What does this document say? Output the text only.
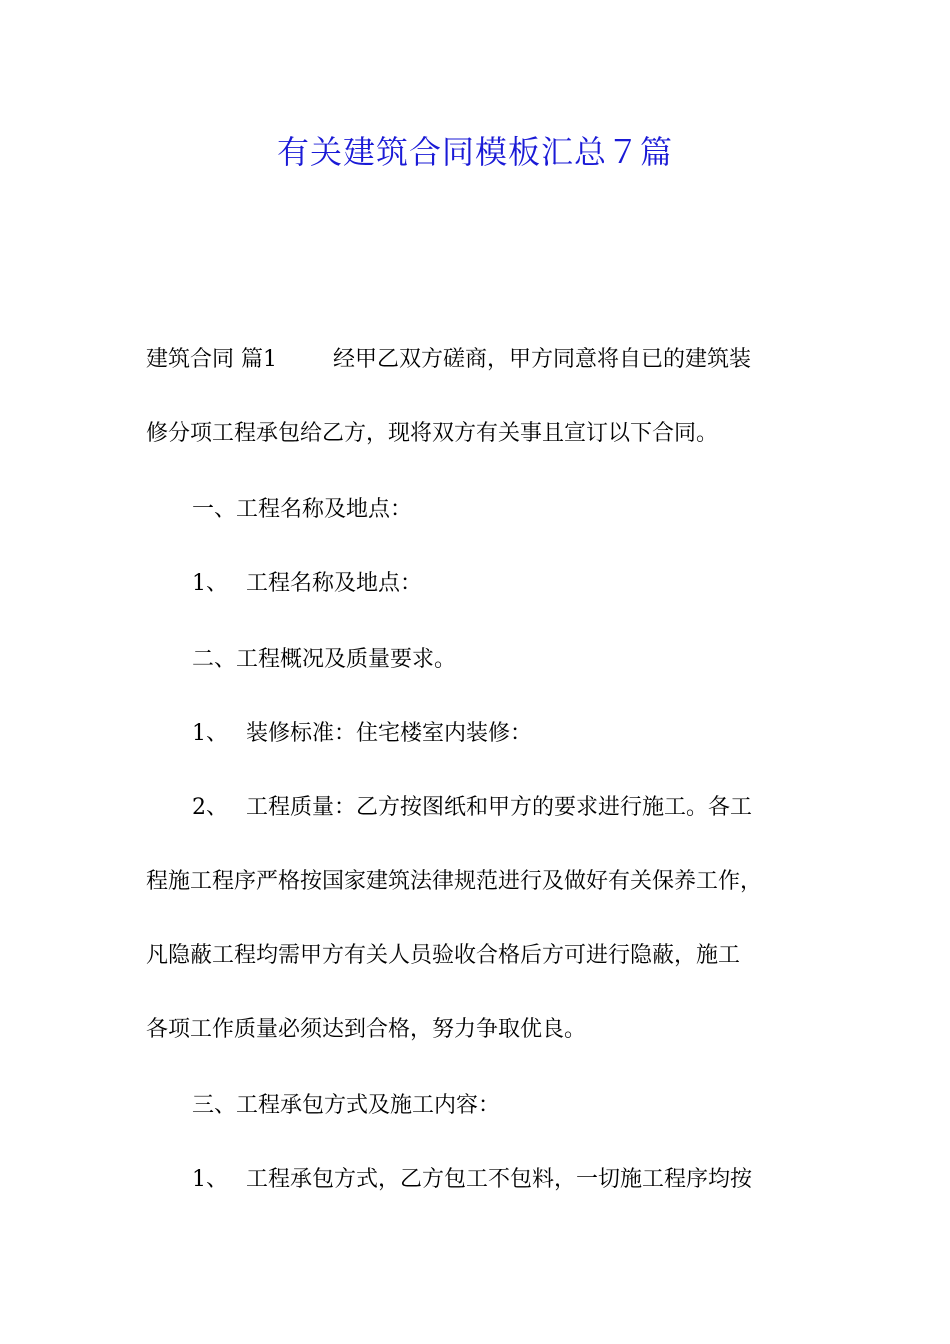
有关建筑合同模板汇总７篇
建筑合同 篇1	经甲乙双方磋商，甲方同意将自已的建筑装
修分项工程承包给乙方，现将双方有关事且宣订以下合同。
一、工程名称及地点：
1、 工程名称及地点：
二、工程概况及质量要求。
1、 装修标准：住宅楼室内装修：
2、 工程质量：乙方按图纸和甲方的要求进行施工。各工
程施工程序严格按国家建筑法律规范进行及做好有关保养工作，
凡隐蔽工程均需甲方有关人员验收合格后方可进行隐蔽，施工
各项工作质量必须达到合格，努力争取优良。
三、工程承包方式及施工内容：
1、 工程承包方式，乙方包工不包料，一切施工程序均按
